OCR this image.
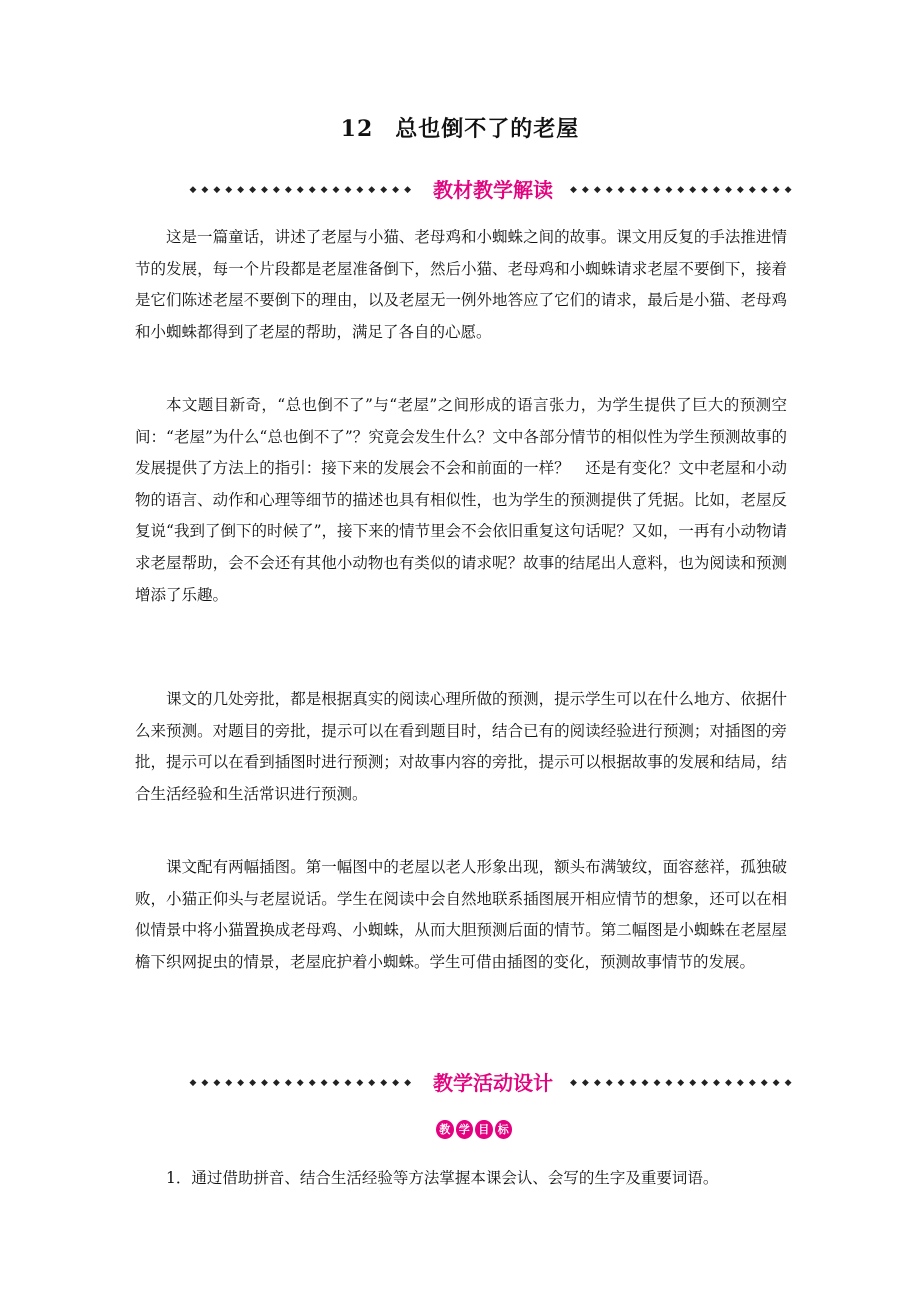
12 总也倒不了的老屋
◆◆◆◆◆◆◆◆◆◆◆◆◆◆◆◆◆◆◆ 教材教学解读	◆◆◆◆◆◆◆◆◆◆◆◆◆◆◆◆◆◆◆

这是一篇童话，讲述了老屋与小猫、老母鸡和小蜘蛛之间的故事。课文用反复的手法推进情节的发展，每一个片段都是老屋准备倒下，然后小猫、老母鸡和小蜘蛛请求老屋不要倒下，接着是它们陈述老屋不要倒下的理由，以及老屋无一例外地答应了它们的请求，最后是小猫、老母鸡和小蜘蛛都得到了老屋的帮助，满足了各自的心愿。

本文题目新奇，“总也倒不了”与“老屋”之间形成的语言张力，为学生提供了巨大的预测空间：“老屋”为什么“总也倒不了”？究竟会发生什么？文中各部分情节的相似性为学生预测故事的发展提供了方法上的指引：接下来的发展会不会和前面的一样？　还是有变化？文中老屋和小动物的语言、动作和心理等细节的描述也具有相似性，也为学生的预测提供了凭据。比如，老屋反复说“我到了倒下的时候了”，接下来的情节里会不会依旧重复这句话呢？又如，一再有小动物请求老屋帮助，会不会还有其他小动物也有类似的请求呢？故事的结尾出人意料，也为阅读和预测增添了乐趣。

课文的几处旁批，都是根据真实的阅读心理所做的预测，提示学生可以在什么地方、依据什么来预测。对题目的旁批，提示可以在看到题目时，结合已有的阅读经验进行预测；对插图的旁批，提示可以在看到插图时进行预测；对故事内容的旁批，提示可以根据故事的发展和结局，结合生活经验和生活常识进行预测。

课文配有两幅插图。第一幅图中的老屋以老人形象出现，额头布满皱纹，面容慈祥，孤独破败，小猫正仰头与老屋说话。学生在阅读中会自然地联系插图展开相应情节的想象，还可以在相似情景中将小猫置换成老母鸡、小蜘蛛，从而大胆预测后面的情节。第二幅图是小蜘蛛在老屋屋檐下织网捉虫的情景，老屋庇护着小蜘蛛。学生可借由插图的变化，预测故事情节的发展。

◆◆◆◆◆◆◆◆◆◆◆◆◆◆◆◆◆◆◆ 教学活动设计	◆◆◆◆◆◆◆◆◆◆◆◆◆◆◆◆◆◆◆
教 学 目 标

1．通过借助拼音、结合生活经验等方法掌握本课会认、会写的生字及重要词语。
